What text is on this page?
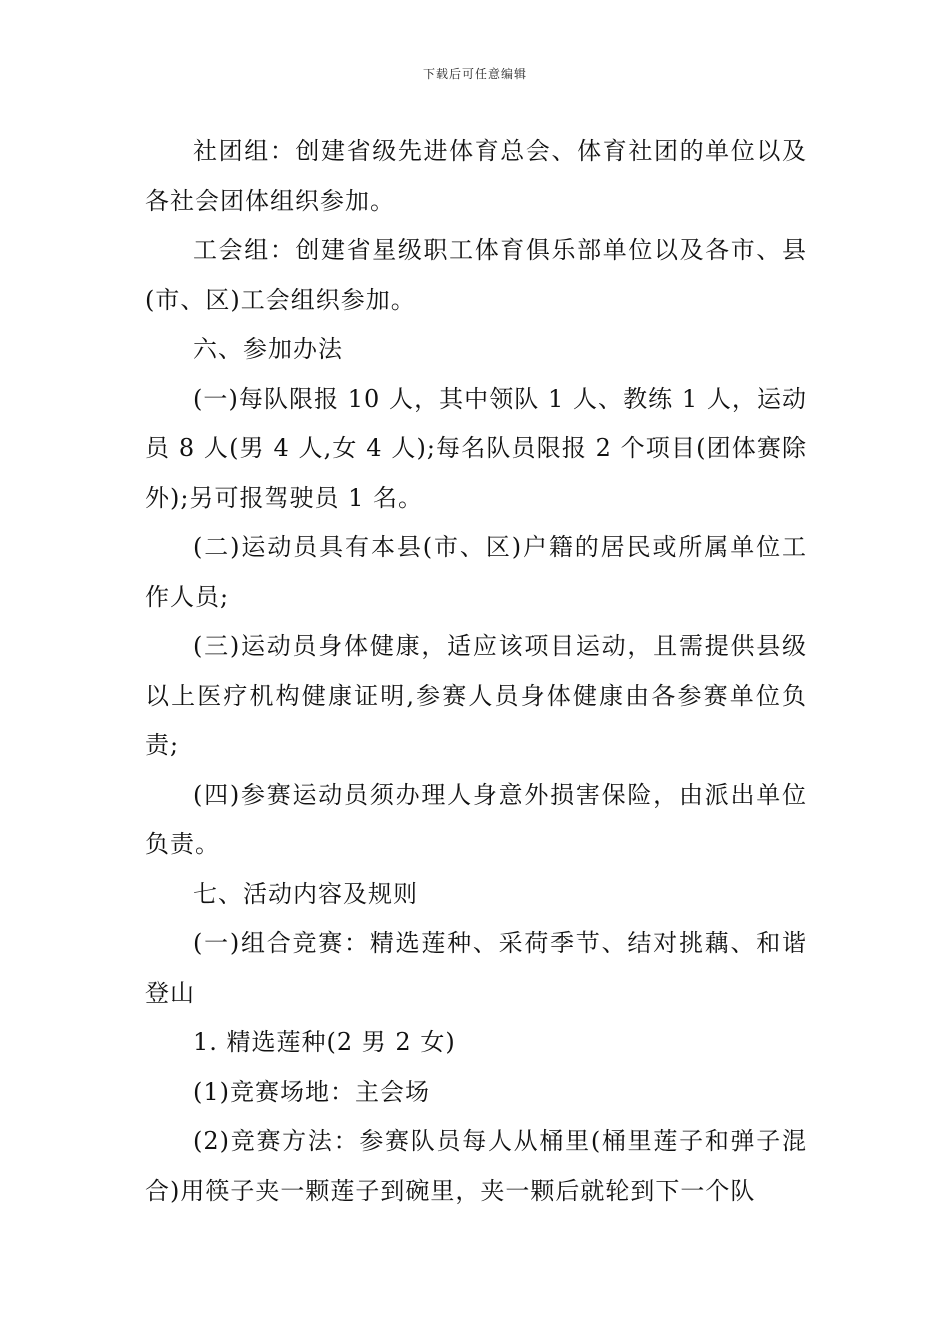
下载后可任意编辑

社团组：创建省级先进体育总会、体育社团的单位以及各社会团体组织参加。

工会组：创建省星级职工体育俱乐部单位以及各市、县(市、区)工会组织参加。

六、参加办法

(一)每队限报 10 人，其中领队 1 人、教练 1 人，运动员 8 人(男 4 人,女 4 人);每名队员限报 2 个项目(团体赛除外);另可报驾驶员 1 名。

(二)运动员具有本县(市、区)户籍的居民或所属单位工作人员;

(三)运动员身体健康，适应该项目运动，且需提供县级以上医疗机构健康证明,参赛人员身体健康由各参赛单位负责;

(四)参赛运动员须办理人身意外损害保险，由派出单位负责。

七、活动内容及规则

(一)组合竞赛：精选莲种、采荷季节、结对挑藕、和谐登山

1. 精选莲种(2 男 2 女)

(1)竞赛场地：主会场

(2)竞赛方法：参赛队员每人从桶里(桶里莲子和弹子混合)用筷子夹一颗莲子到碗里，夹一颗后就轮到下一个队
